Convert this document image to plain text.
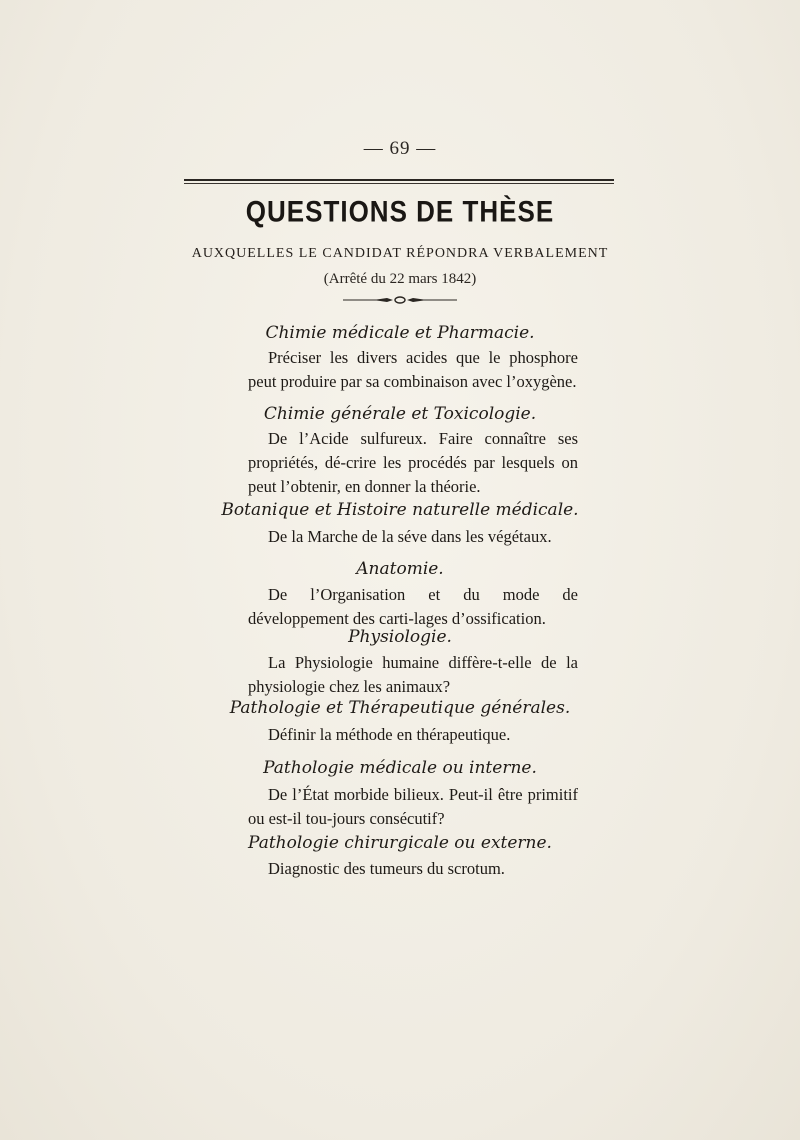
— 69 —
QUESTIONS DE THÈSE
AUXQUELLES LE CANDIDAT RÉPONDRA VERBALEMENT
(Arrêté du 22 mars 1842)
Chimie médicale et Pharmacie.
Préciser les divers acides que le phosphore peut produire par sa combinaison avec l’oxygène.
Chimie générale et Toxicologie.
De l’Acide sulfureux. Faire connaître ses propriétés, dé-crire les procédés par lesquels on peut l’obtenir, en donner la théorie.
Botanique et Histoire naturelle médicale.
De la Marche de la séve dans les végétaux.
Anatomie.
De l’Organisation et du mode de développement des carti-lages d’ossification.
Physiologie.
La Physiologie humaine diffère-t-elle de la physiologie chez les animaux?
Pathologie et Thérapeutique générales.
Définir la méthode en thérapeutique.
Pathologie médicale ou interne.
De l’État morbide bilieux. Peut-il être primitif ou est-il tou-jours consécutif?
Pathologie chirurgicale ou externe.
Diagnostic des tumeurs du scrotum.
